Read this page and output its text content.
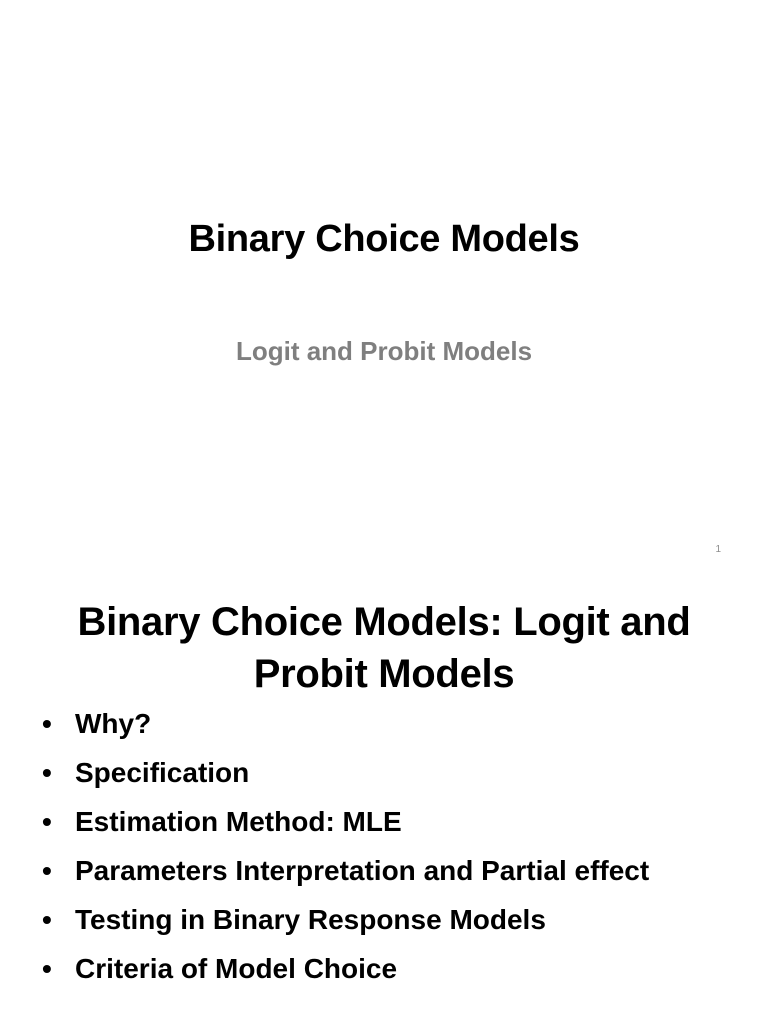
Binary Choice Models
Logit and Probit Models
1
Binary Choice Models: Logit and
Probit Models
• Why?
• Specification
• Estimation Method: MLE
• Parameters Interpretation and Partial effect
• Testing in Binary Response Models
• Criteria of Model Choice
